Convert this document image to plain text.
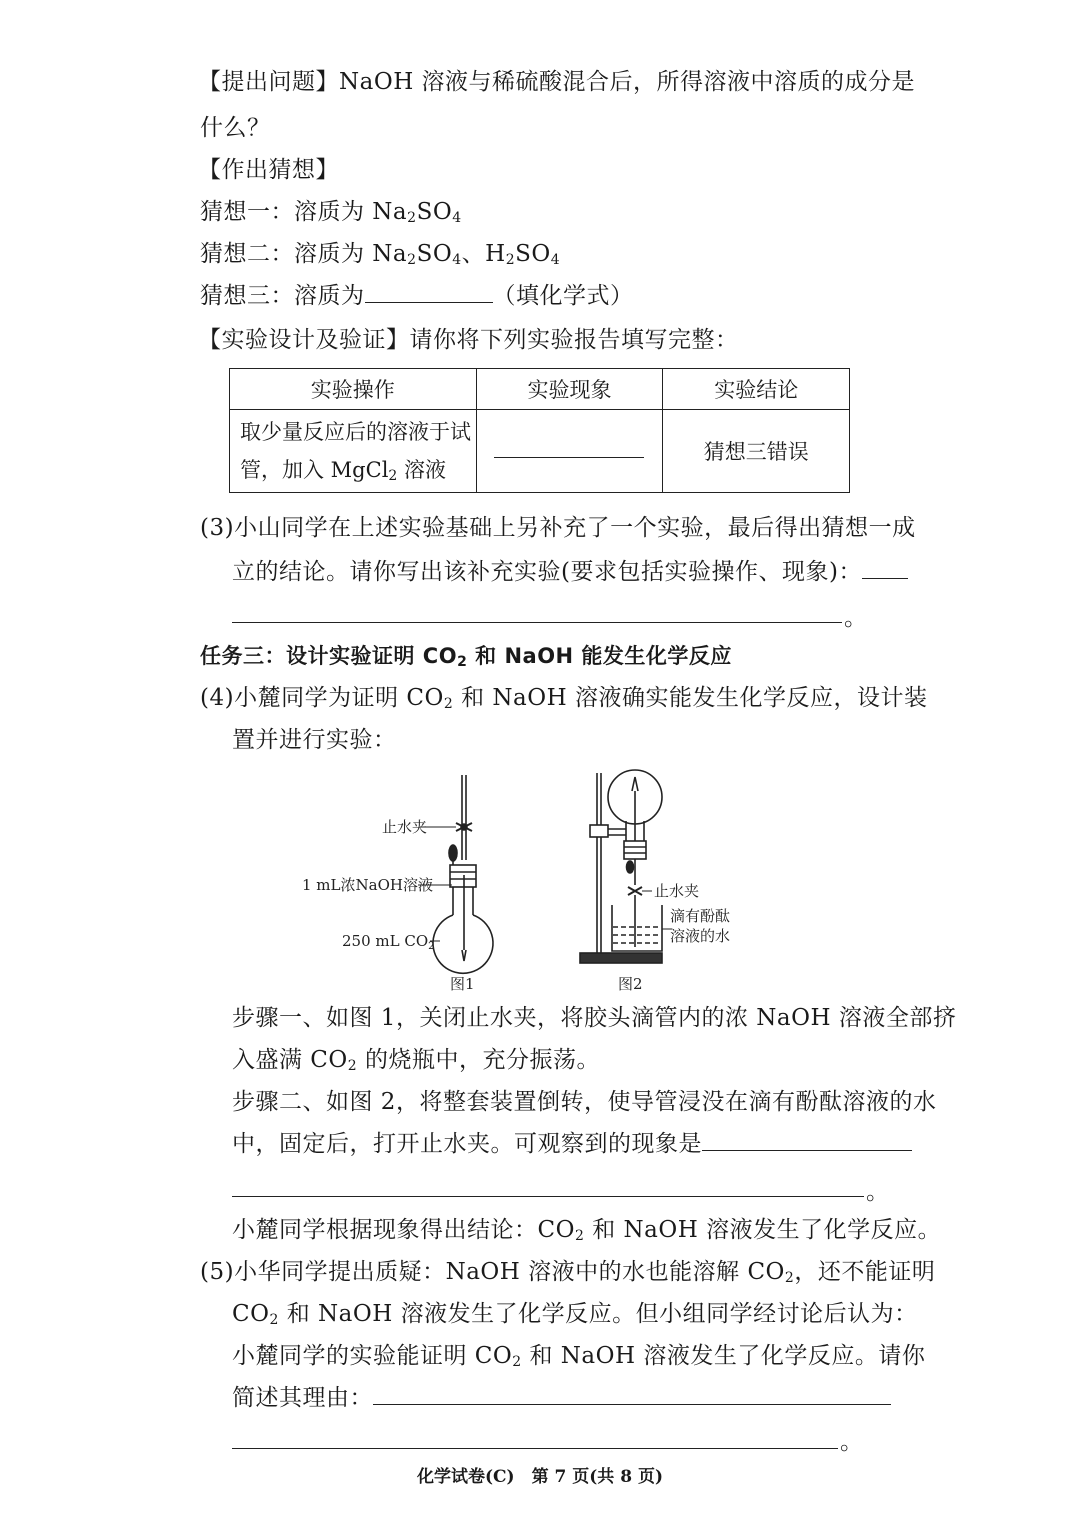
【提出问题】NaOH 溶液与稀硫酸混合后，所得溶液中溶质的成分是
什么？
【作出猜想】
猜想一：溶质为 $Na_2SO_4$
猜想二：溶质为 $Na_2SO_4$、$H_2SO_4$
猜想三：溶质为	（填化学式）
【实验设计及验证】请你将下列实验报告填写完整：
实验操作	实验现象	实验结论

取少量反应后的溶液于试
管，加入 MgCl$_2$ 溶液		猜想三错误
(3)小山同学在上述实验基础上另补充了一个实验，最后得出猜想一成
立的结论。请你写出该补充实验(要求包括实验操作、现象)：
。
任务三：设计实验证明 $CO_2$ 和 NaOH 能发生化学反应
(4)小麓同学为证明 $CO_2$ 和 NaOH 溶液确实能发生化学反应，设计装
置并进行实验：
止水夹
1 mL浓NaOH溶液
250 mL $CO_2$
图1
止水夹
滴有酚酞
溶液的水
图2
步骤一、如图 1，关闭止水夹，将胶头滴管内的浓 NaOH 溶液全部挤
入盛满 $CO_2$ 的烧瓶中，充分振荡。
步骤二、如图 2，将整套装置倒转，使导管浸没在滴有酚酞溶液的水
中，固定后，打开止水夹。可观察到的现象是
。
小麓同学根据现象得出结论：$CO_2$ 和 NaOH 溶液发生了化学反应。
(5)小华同学提出质疑：NaOH 溶液中的水也能溶解 $CO_2$，还不能证明
$CO_2$ 和 NaOH 溶液发生了化学反应。但小组同学经讨论后认为：
小麓同学的实验能证明 $CO_2$ 和 NaOH 溶液发生了化学反应。请你
简述其理由：
。
化学试卷(C)　第 7 页(共 8 页)
